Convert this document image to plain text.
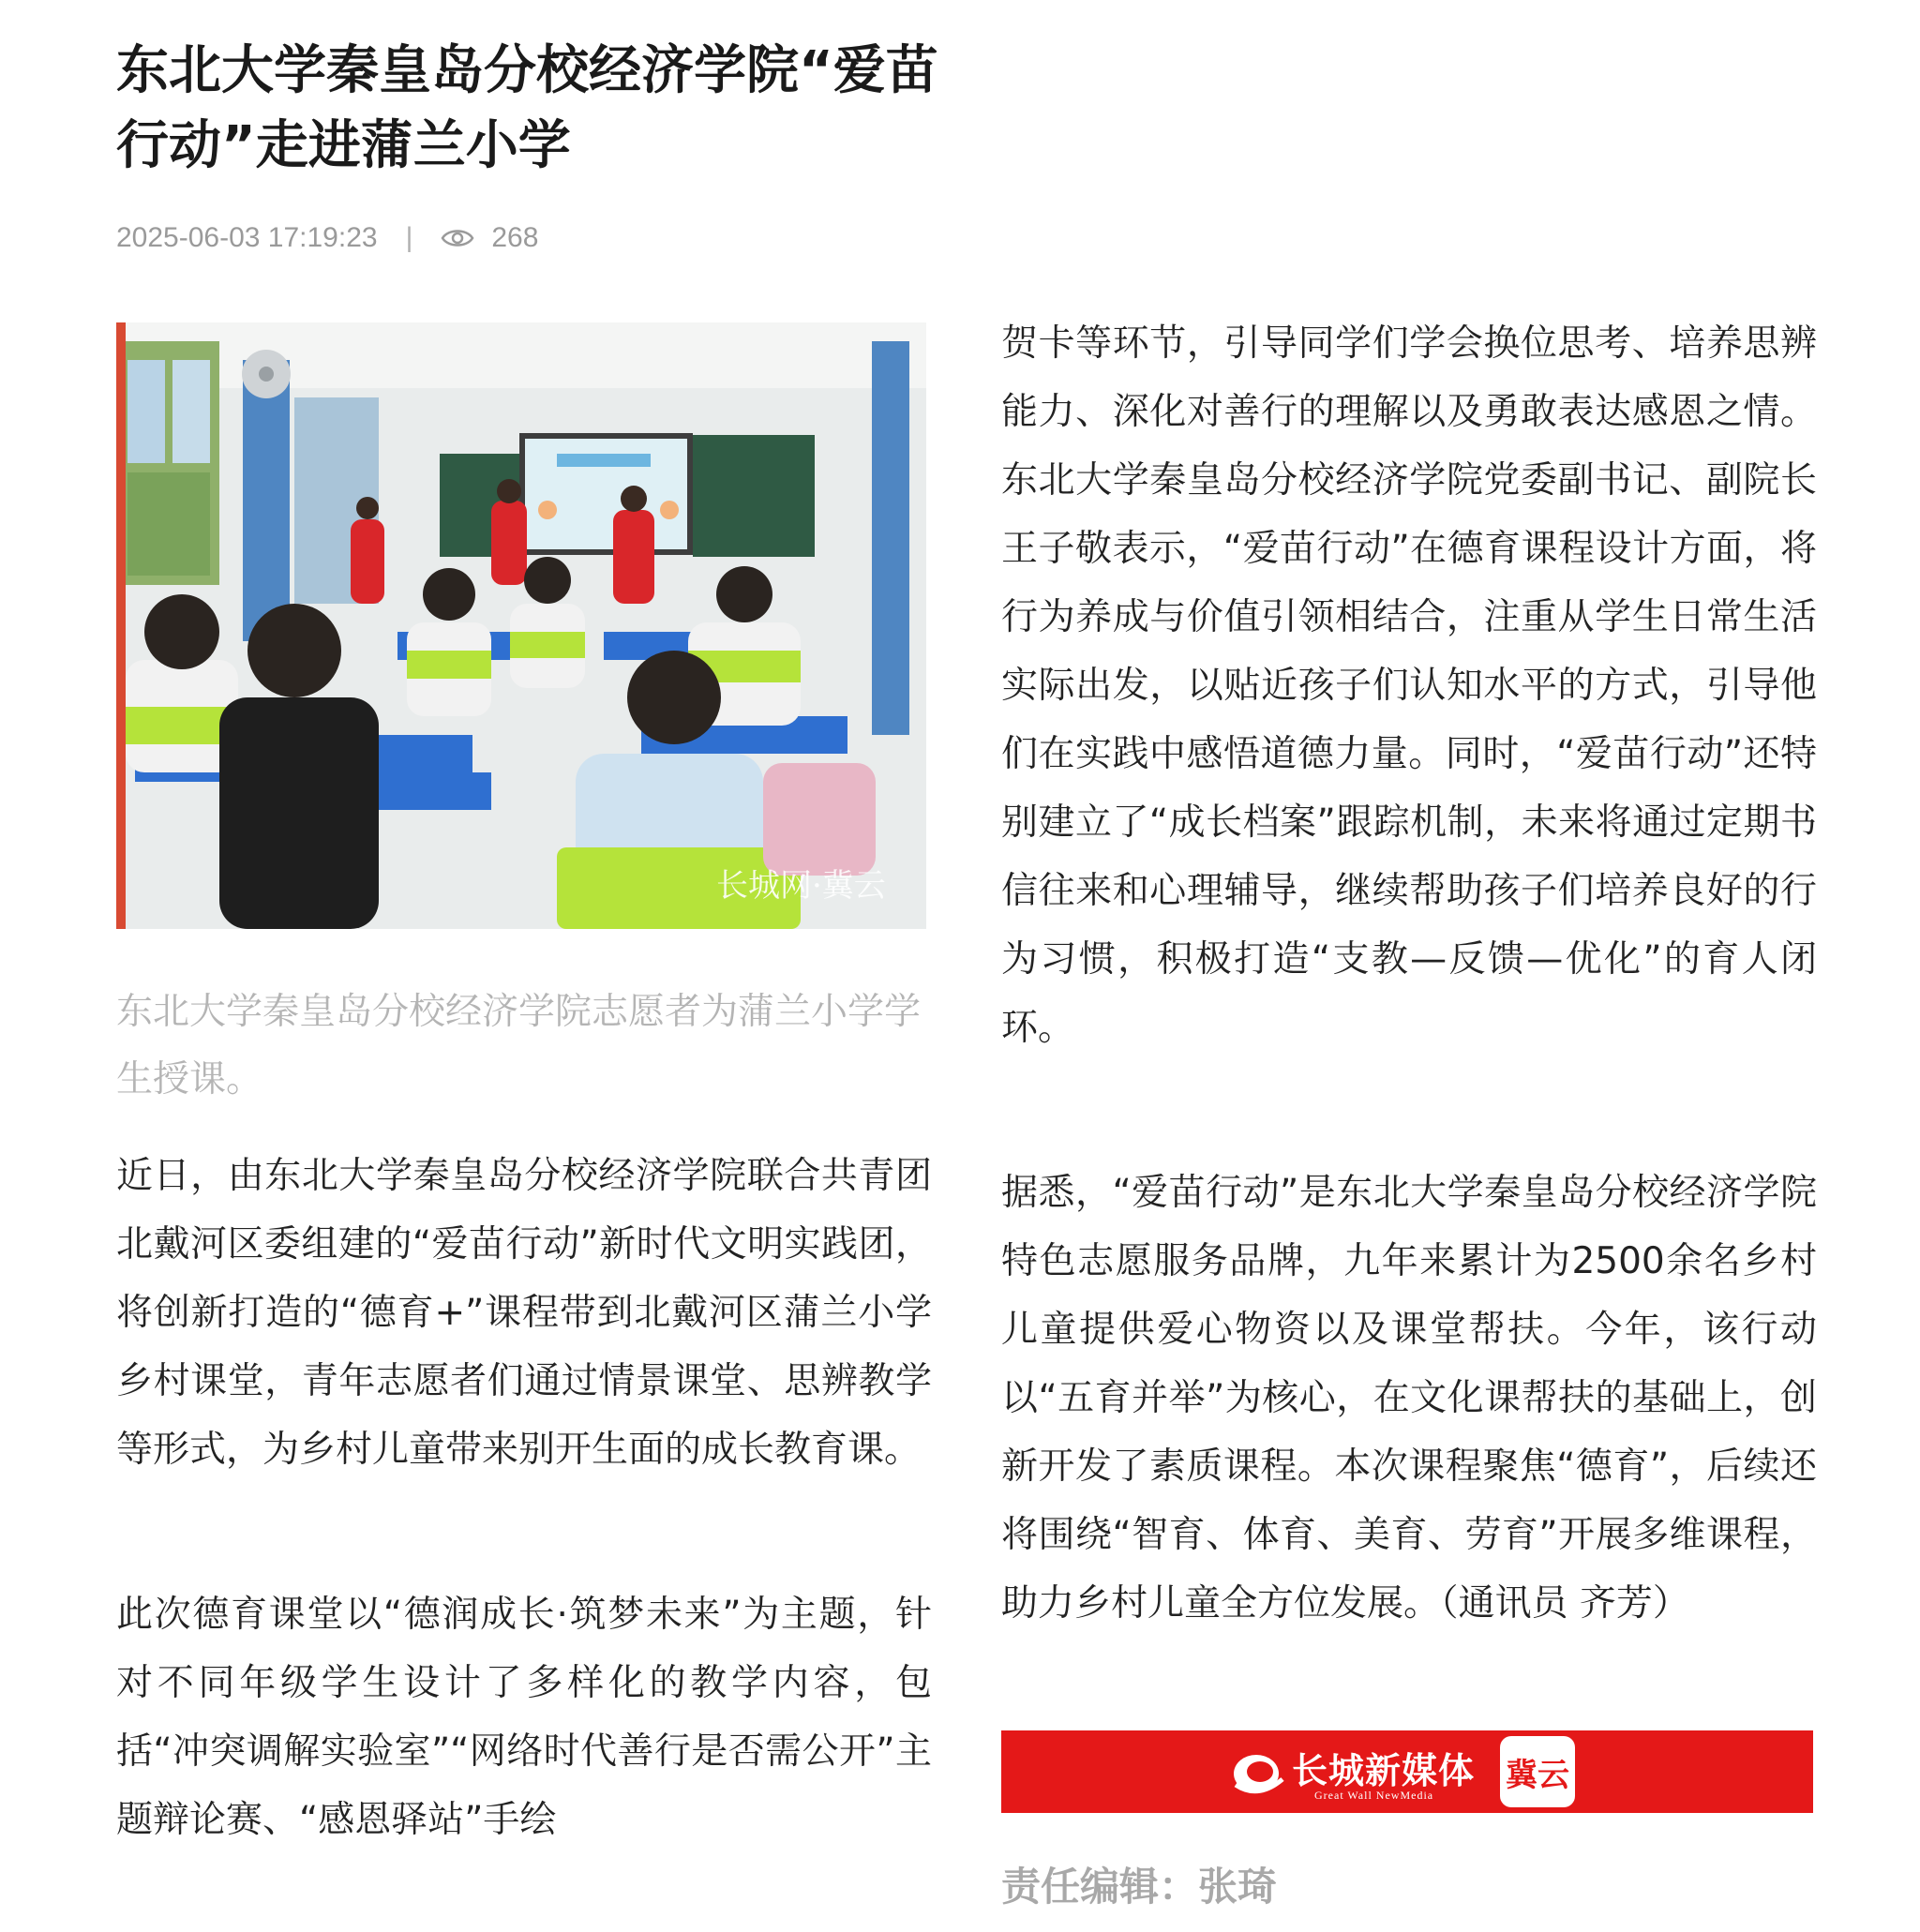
东北大学秦皇岛分校经济学院“爱苗行动”走进蒲兰小学
2025-06-03 17:19:23 |	268
长城网·冀云

东北大学秦皇岛分校经济学院志愿者为蒲兰小学学生授课。

近日，由东北大学秦皇岛分校经济学院联合共青团北戴河区委组建的“爱苗行动”新时代文明实践团，将创新打造的“德育+”课程带到北戴河区蒲兰小学乡村课堂，青年志愿者们通过情景课堂、思辨教学等形式，为乡村儿童带来别开生面的成长教育课。

此次德育课堂以“德润成长·筑梦未来”为主题，针对不同年级学生设计了多样化的教学内容，包括“冲突调解实验室”“网络时代善行是否需公开”主题辩论赛、“感恩驿站”手绘

贺卡等环节，引导同学们学会换位思考、培养思辨能力、深化对善行的理解以及勇敢表达感恩之情。东北大学秦皇岛分校经济学院党委副书记、副院长王子敬表示，“爱苗行动”在德育课程设计方面，将行为养成与价值引领相结合，注重从学生日常生活实际出发，以贴近孩子们认知水平的方式，引导他们在实践中感悟道德力量。同时，“爱苗行动”还特别建立了“成长档案”跟踪机制，未来将通过定期书信往来和心理辅导，继续帮助孩子们培养良好的行为习惯，积极打造“支教—反馈—优化”的育人闭环。

据悉，“爱苗行动”是东北大学秦皇岛分校经济学院特色志愿服务品牌，九年来累计为2500余名乡村儿童提供爱心物资以及课堂帮扶。今年，该行动以“五育并举”为核心，在文化课帮扶的基础上，创新开发了素质课程。本次课程聚焦“德育”，后续还将围绕“智育、体育、美育、劳育”开展多维课程，助力乡村儿童全方位发展。（通讯员 齐芳）

长城新媒体
Great Wall NewMedia
冀云

责任编辑：张琦
